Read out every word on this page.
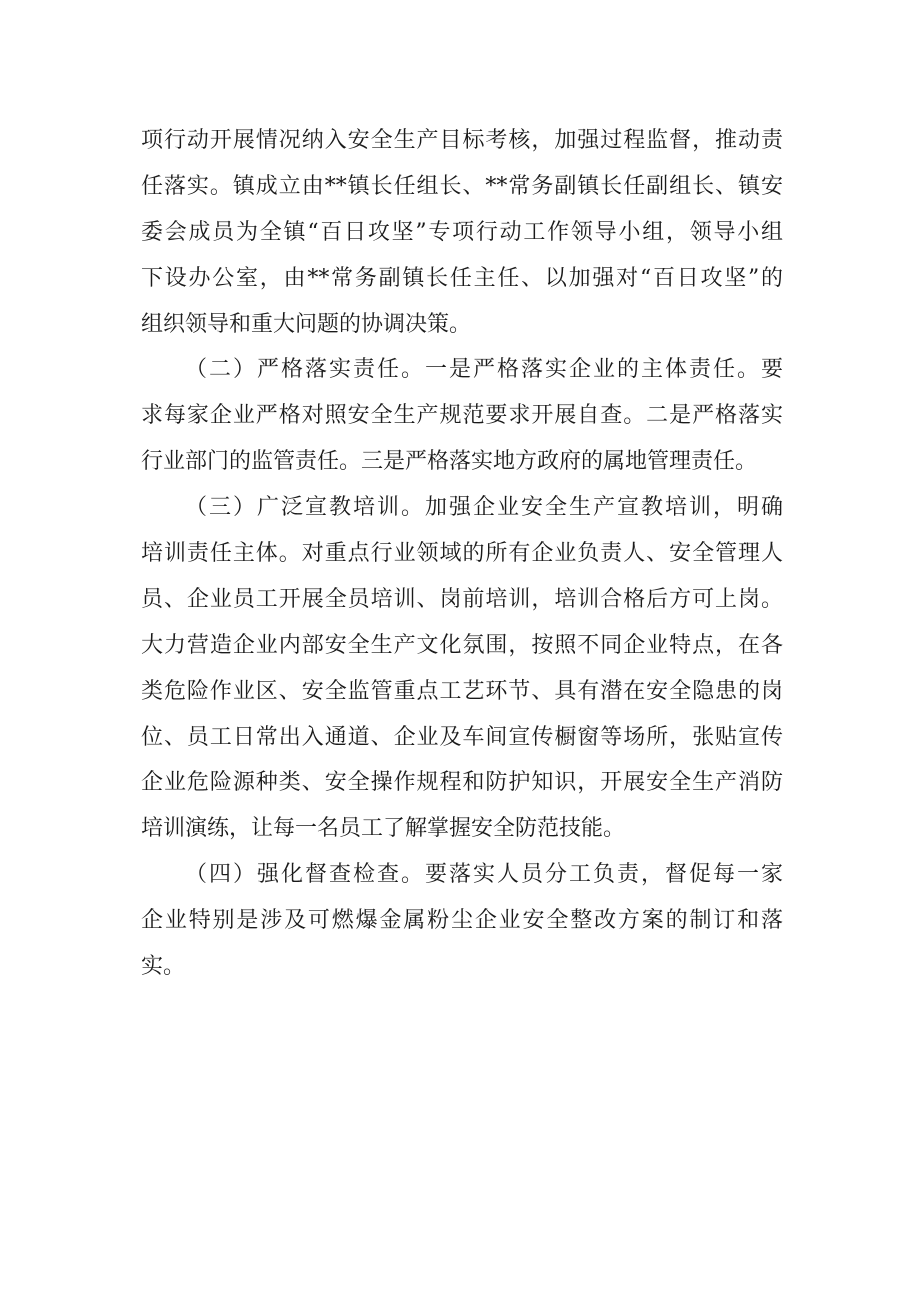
项行动开展情况纳入安全生产目标考核，加强过程监督，推动责
任落实。镇成立由**镇长任组长、**常务副镇长任副组长、镇安
委会成员为全镇“百日攻坚”专项行动工作领导小组，领导小组
下设办公室，由**常务副镇长任主任、以加强对“百日攻坚”的
组织领导和重大问题的协调决策。
（二）严格落实责任。一是严格落实企业的主体责任。要
求每家企业严格对照安全生产规范要求开展自查。二是严格落实
行业部门的监管责任。三是严格落实地方政府的属地管理责任。
（三）广泛宣教培训。加强企业安全生产宣教培训，明确
培训责任主体。对重点行业领域的所有企业负责人、安全管理人
员、企业员工开展全员培训、岗前培训，培训合格后方可上岗。
大力营造企业内部安全生产文化氛围，按照不同企业特点，在各
类危险作业区、安全监管重点工艺环节、具有潜在安全隐患的岗
位、员工日常出入通道、企业及车间宣传橱窗等场所，张贴宣传
企业危险源种类、安全操作规程和防护知识，开展安全生产消防
培训演练，让每一名员工了解掌握安全防范技能。
（四）强化督查检查。要落实人员分工负责，督促每一家
企业特别是涉及可燃爆金属粉尘企业安全整改方案的制订和落
实。
